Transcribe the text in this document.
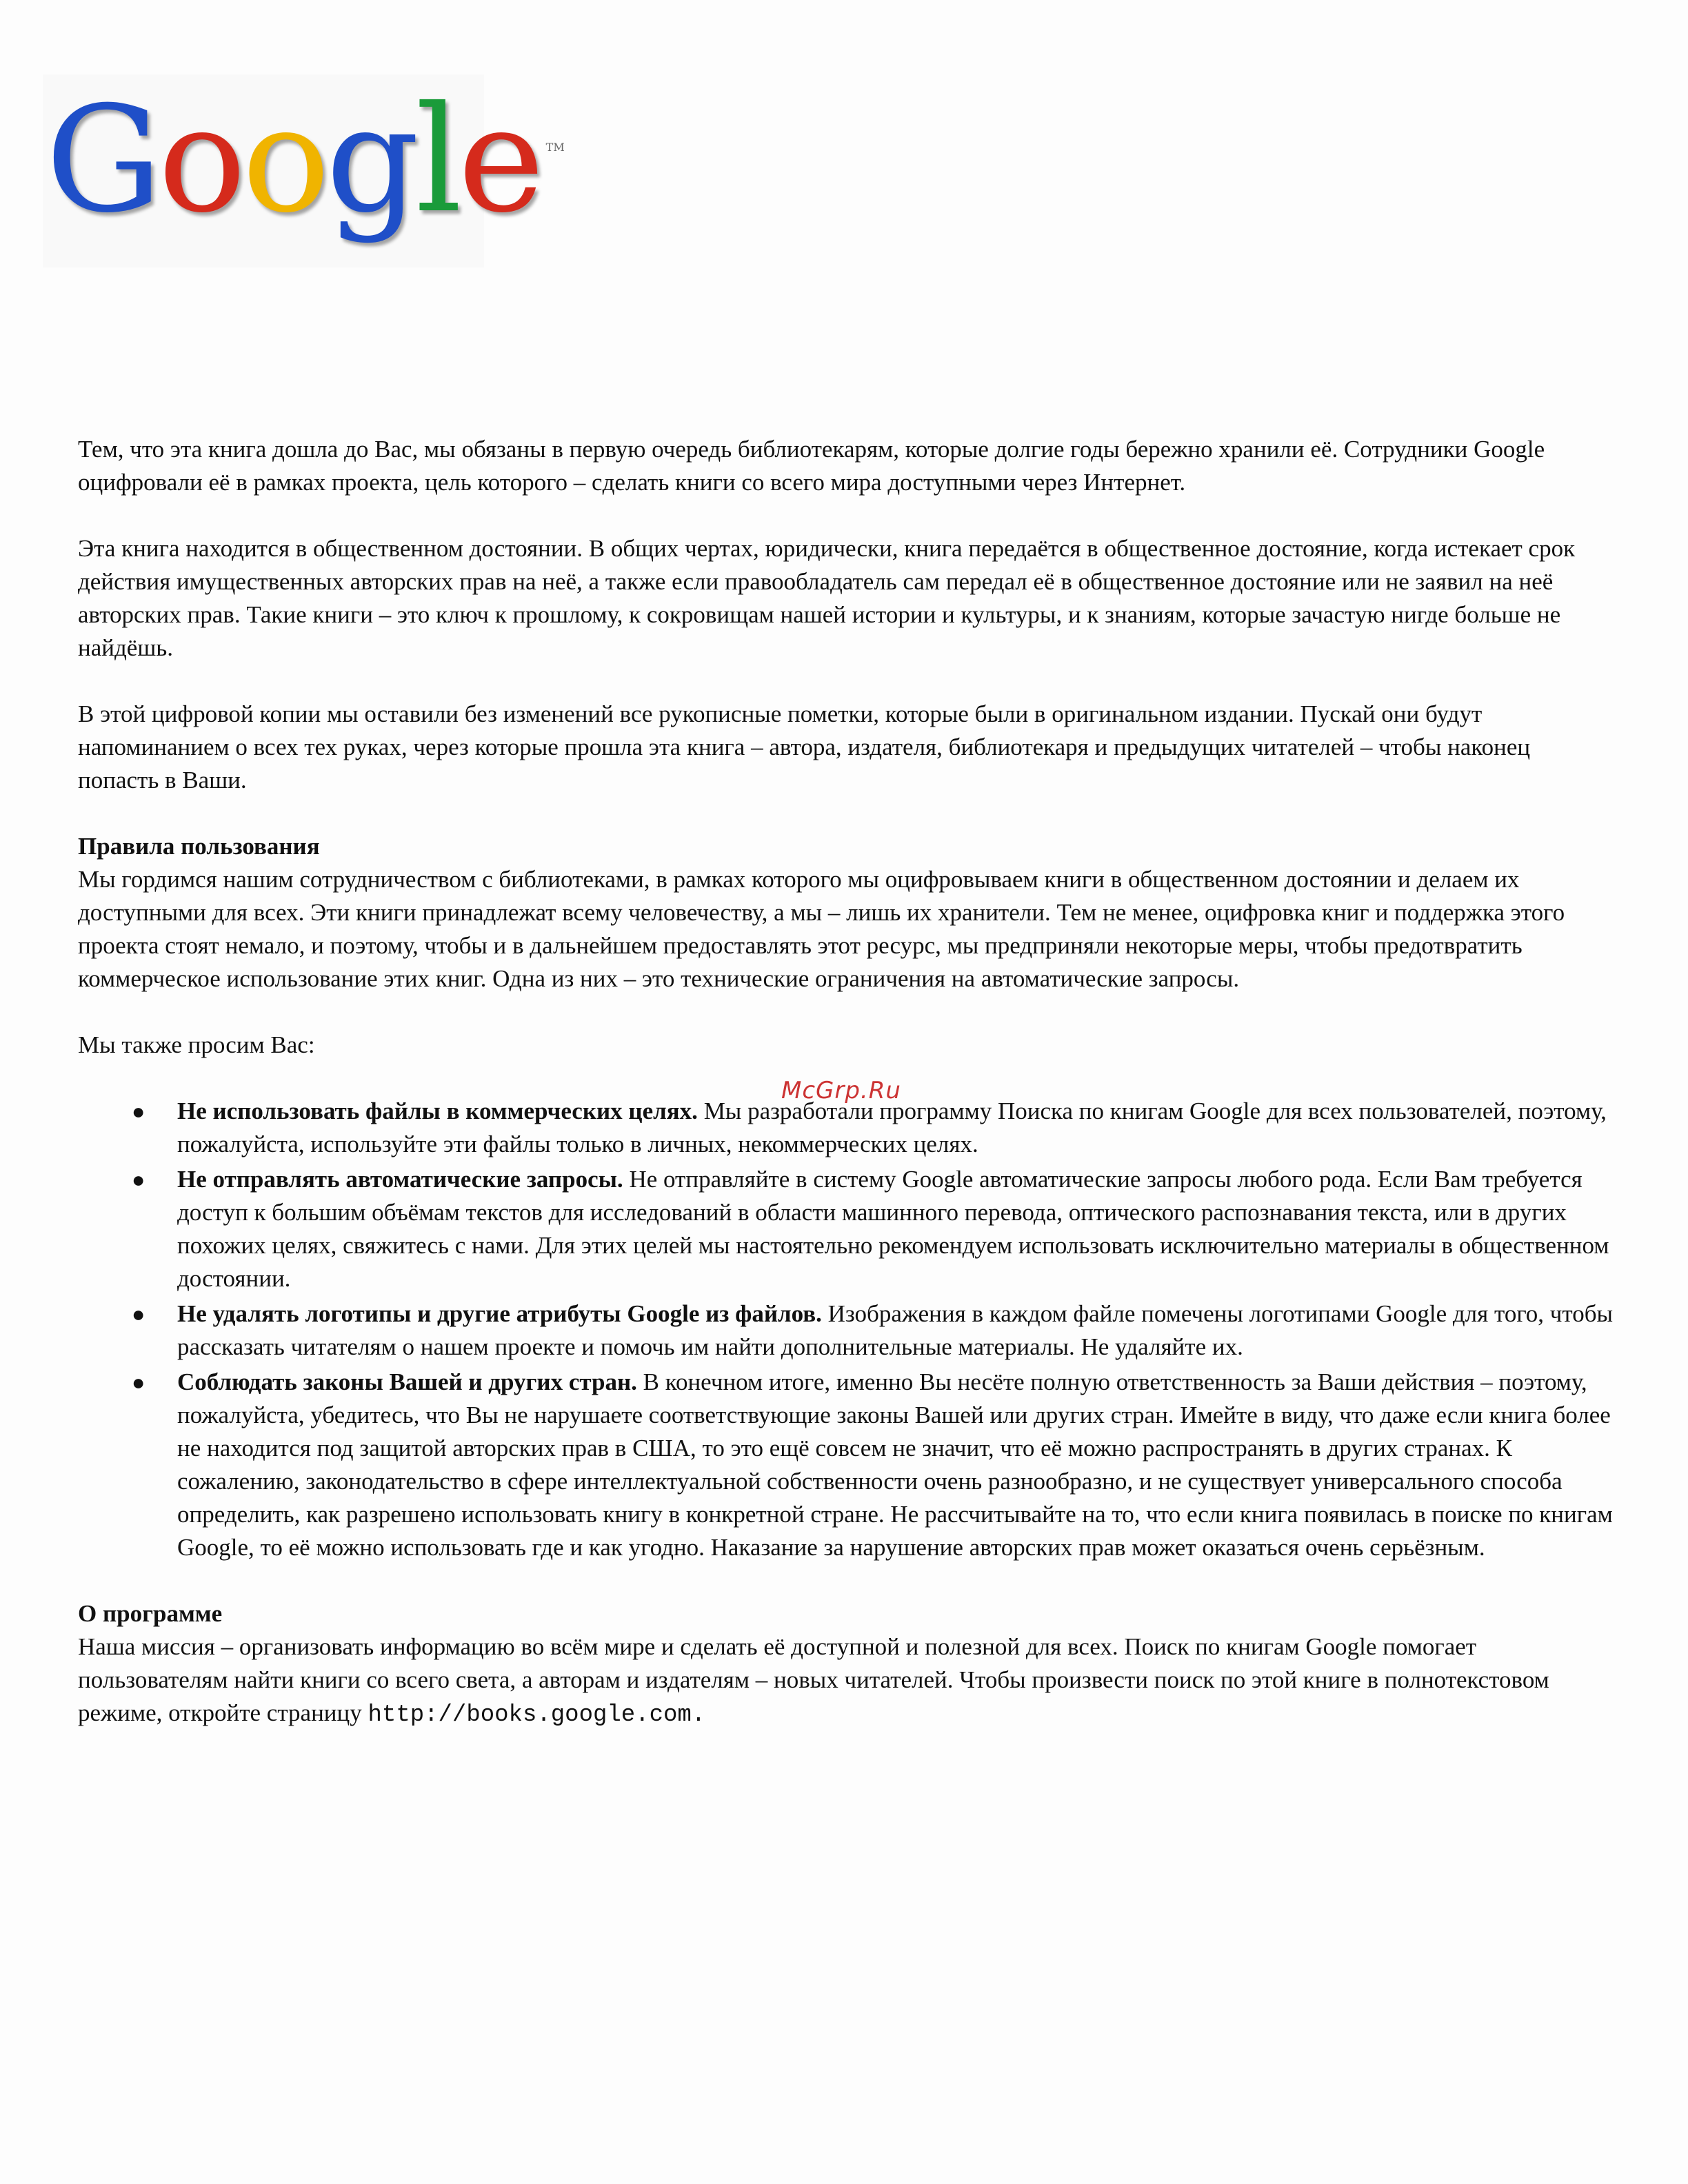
Google TM

Тем, что эта книга дошла до Вас, мы обязаны в первую очередь библиотекарям, которые долгие годы бережно хранили её. Сотрудники Google оцифровали её в рамках проекта, цель которого – сделать книги со всего мира доступными через Интернет.

Эта книга находится в общественном достоянии. В общих чертах, юридически, книга передаётся в общественное достояние, когда истекает срок действия имущественных авторских прав на неё, а также если правообладатель сам передал её в общественное достояние или не заявил на неё авторских прав. Такие книги – это ключ к прошлому, к сокровищам нашей истории и культуры, и к знаниям, которые зачастую нигде больше не найдёшь.

В этой цифровой копии мы оставили без изменений все рукописные пометки, которые были в оригинальном издании. Пускай они будут напоминанием о всех тех руках, через которые прошла эта книга – автора, издателя, библиотекаря и предыдущих читателей – чтобы наконец попасть в Ваши.

Правила пользования
Мы гордимся нашим сотрудничеством с библиотеками, в рамках которого мы оцифровываем книги в общественном достоянии и делаем их доступными для всех. Эти книги принадлежат всему человечеству, а мы – лишь их хранители. Тем не менее, оцифровка книг и поддержка этого проекта стоят немало, и поэтому, чтобы и в дальнейшем предоставлять этот ресурс, мы предприняли некоторые меры, чтобы предотвратить коммерческое использование этих книг. Одна из них – это технические ограничения на автоматические запросы.

Мы также просим Вас:

● Не использовать файлы в коммерческих целях. Мы разработали программу Поиска по книгам Google для всех пользователей, поэтому, пожалуйста, используйте эти файлы только в личных, некоммерческих целях.
● Не отправлять автоматические запросы. Не отправляйте в систему Google автоматические запросы любого рода. Если Вам требуется доступ к большим объёмам текстов для исследований в области машинного перевода, оптического распознавания текста, или в других похожих целях, свяжитесь с нами. Для этих целей мы настоятельно рекомендуем использовать исключительно материалы в общественном достоянии.
● Не удалять логотипы и другие атрибуты Google из файлов. Изображения в каждом файле помечены логотипами Google для того, чтобы рассказать читателям о нашем проекте и помочь им найти дополнительные материалы. Не удаляйте их.
● Соблюдать законы Вашей и других стран. В конечном итоге, именно Вы несёте полную ответственность за Ваши действия – поэтому, пожалуйста, убедитесь, что Вы не нарушаете соответствующие законы Вашей или других стран. Имейте в виду, что даже если книга более не находится под защитой авторских прав в США, то это ещё совсем не значит, что её можно распространять в других странах. К сожалению, законодательство в сфере интеллектуальной собственности очень разнообразно, и не существует универсального способа определить, как разрешено использовать книгу в конкретной стране. Не рассчитывайте на то, что если книга появилась в поиске по книгам Google, то её можно использовать где и как угодно. Наказание за нарушение авторских прав может оказаться очень серьёзным.

О программе
Наша миссия – организовать информацию во всём мире и сделать её доступной и полезной для всех. Поиск по книгам Google помогает пользователям найти книги со всего света, а авторам и издателям – новых читателей. Чтобы произвести поиск по этой книге в полнотекстовом режиме, откройте страницу http://books.google.com.

McGrp.Ru
